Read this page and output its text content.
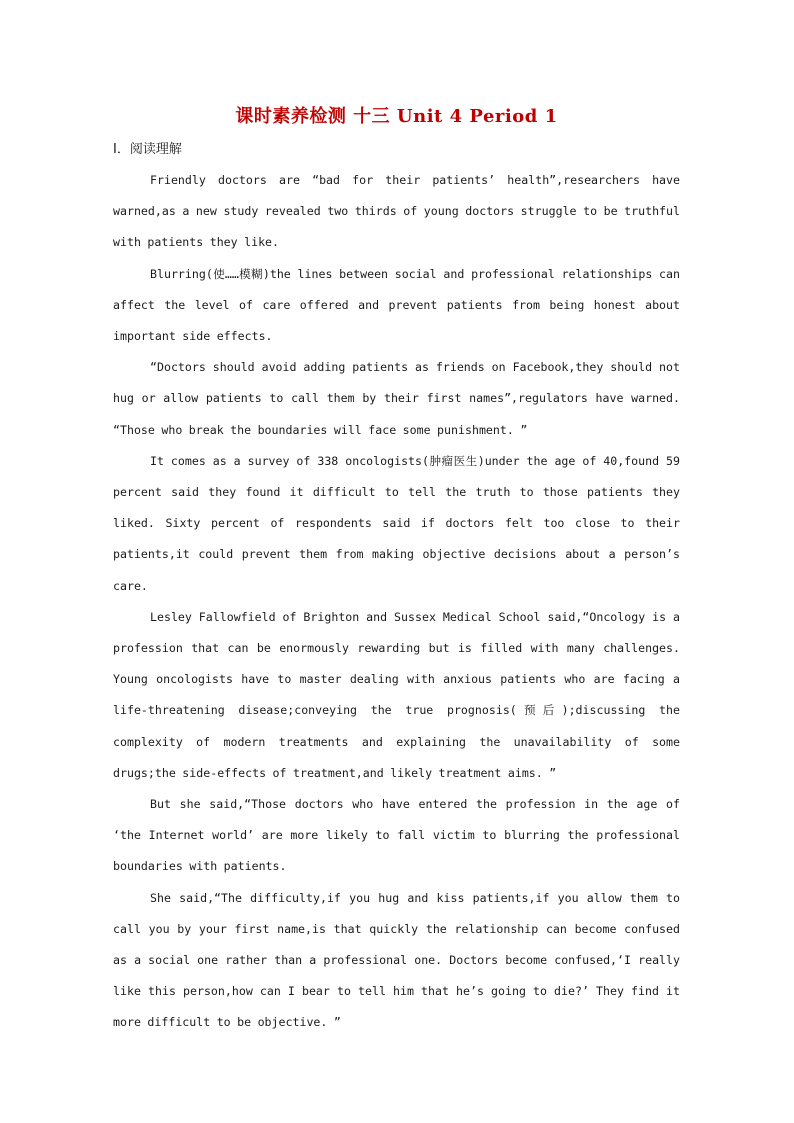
课时素养检测 十三 Unit 4 Period 1
Ⅰ．阅读理解

Friendly doctors are “bad for their patients’ health”,researchers have warned,as a new study revealed two thirds of young doctors struggle to be truthful with patients they like.

Blurring(使……模糊)the lines between social and professional relationships can affect the level of care offered and prevent patients from being honest about important side effects.

“Doctors should avoid adding patients as friends on Facebook,they should not hug or allow patients to call them by their first names”,regulators have warned. “Those who break the boundaries will face some punishment. ”

It comes as a survey of 338 oncologists(肿瘤医生)under the age of 40,found 59 percent said they found it difficult to tell the truth to those patients they liked. Sixty percent of respondents said if doctors felt too close to their patients,it could prevent them from making objective decisions about a person’s care.

Lesley Fallowfield of Brighton and Sussex Medical School said,“Oncology is a profession that can be enormously rewarding but is filled with many challenges. Young oncologists have to master dealing with anxious patients who are facing a life-threatening disease;conveying the true prognosis(预后);discussing the complexity of modern treatments and explaining the unavailability of some drugs;the side-effects of treatment,and likely treatment aims. ”

But she said,“Those doctors who have entered the profession in the age of ‘the Internet world’ are more likely to fall victim to blurring the professional boundaries with patients.

She said,“The difficulty,if you hug and kiss patients,if you allow them to call you by your first name,is that quickly the relationship can become confused as a social one rather than a professional one. Doctors become confused,‘I really like this person,how can I bear to tell him that he’s going to die?’ They find it more difficult to be objective. ”
